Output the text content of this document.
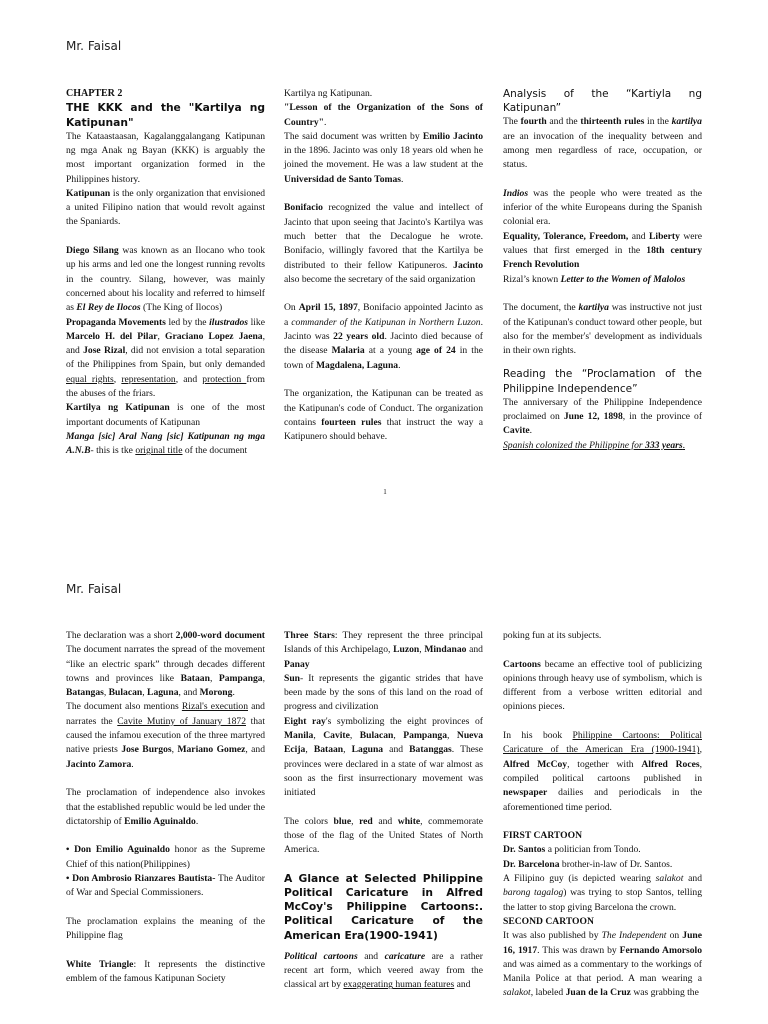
Mr. Faisal

CHAPTER 2

THE KKK and the "Kartilya ng Katipunan"

The Kataastaasan, Kagalanggalangang Katipunan ng mga Anak ng Bayan (KKK) is arguably the most important organization formed in the Philippines history.

Katipunan is the only organization that envisioned a united Filipino nation that would revolt against the Spaniards.

Diego Silang was known as an Ilocano who took up his arms and led one the longest running revolts in the country. Silang, however, was mainly concerned about his locality and referred to himself as El Rey de Ilocos (The King of Ilocos)

Propaganda Movements led by the ilustrados like Marcelo H. del Pilar, Graciano Lopez Jaena, and Jose Rizal, did not envision a total separation of the Philippines from Spain, but only demanded equal rights, representation, and protection from the abuses of the friars.

Kartilya ng Katipunan is one of the most important documents of Katipunan

Manga [sic] Aral Nang [sic] Katipunan ng mga A.N.B- this is tke original title of the document

Kartilya ng Katipunan.

"Lesson of the Organization of the Sons of Country".

The said document was written by Emilio Jacinto in the 1896. Jacinto was only 18 years old when he joined the movement. He was a law student at the Universidad de Santo Tomas.

Bonifacio recognized the value and intellect of Jacinto that upon seeing that Jacinto's Kartilya was much better that the Decalogue he wrote. Bonifacio, willingly favored that the Kartilya be distributed to their fellow Katipuneros. Jacinto also become the secretary of the said organization

On April 15, 1897, Bonifacio appointed Jacinto as a commander of the Katipunan in Northern Luzon. Jacinto was 22 years old. Jacinto died because of the disease Malaria at a young age of 24 in the town of Magdalena, Laguna.

The organization, the Katipunan can be treated as the Katipunan's code of Conduct. The organization contains fourteen rules that instruct the way a Katipunero should behave.

Analysis of the “Kartiyla ng Katipunan”

The fourth and the thirteenth rules in the kartilya are an invocation of the inequality between and among men regardless of race, occupation, or status.

Indios was the people who were treated as the inferior of the white Europeans during the Spanish colonial era.

Equality, Tolerance, Freedom, and Liberty were values that first emerged in the 18th century French Revolution

Rizal’s known Letter to the Women of Malolos

The document, the kartilya was instructive not just of the Katipunan's conduct toward other people, but also for the member's' development as individuals in their own rights.

Reading the “Proclamation of the Philippine Independence”

The anniversary of the Philippine Independence proclaimed on June 12, 1898, in the province of Cavite.

Spanish colonized the Philippine for 333 years.

1
Mr. Faisal

The declaration was a short 2,000-word document The document narrates the spread of the movement “like an electric spark” through decades different towns and provinces like Bataan, Pampanga, Batangas, Bulacan, Laguna, and Morong.

The document also mentions Rizal's execution and narrates the Cavite Mutiny of January 1872 that caused the infamou execution of the three martyred native priests Jose Burgos, Mariano Gomez, and Jacinto Zamora.

The proclamation of independence also invokes that the established republic would be led under the dictatorship of Emilio Aguinaldo.

• Don Emilio Aguinaldo honor as the Supreme Chief of this nation(Philippines)

• Don Ambrosio Rianzares Bautista- The Auditor of War and Special Commissioners.

The proclamation explains the meaning of the Philippine flag

White Triangle: It represents the distinctive emblem of the famous Katipunan Society

Three Stars: They represent the three principal Islands of this Archipelago, Luzon, Mindanao and Panay

Sun- It represents the gigantic strides that have been made by the sons of this land on the road of progress and civilization

Eight ray's symbolizing the eight provinces of Manila, Cavite, Bulacan, Pampanga, Nueva Ecija, Bataan, Laguna and Batanggas. These provinces were declared in a state of war almost as soon as the first insurrectionary movement was initiated

The colors blue, red and white, commemorate those of the flag of the United States of North America.

A Glance at Selected Philippine Political Caricature in Alfred McCoy's Philippine Cartoons:. Political Caricature of the American Era(1900-1941)

Political cartoons and caricature are a rather recent art form, which veered away from the classical art by exaggerating human features and

poking fun at its subjects.

Cartoons became an effective tool of publicizing opinions through heavy use of symbolism, which is different from a verbose written editorial and opinions pieces.

In his book Philippine Cartoons: Political Caricature of the American Era (1900-1941), Alfred McCoy, together with Alfred Roces, compiled political cartoons published in newspaper dailies and periodicals in the aforementioned time period.

FIRST CARTOON

Dr. Santos a politician from Tondo.

Dr. Barcelona brother-in-law of Dr. Santos.

A Filipino guy (is depicted wearing salakot and barong tagalog) was trying to stop Santos, telling the latter to stop giving Barcelona the crown.

SECOND CARTOON

It was also published by The Independent on June 16, 1917. This was drawn by Fernando Amorsolo and was aimed as a commentary to the workings of Manila Police at that period. A man wearing a salakot, labeled Juan de la Cruz was grabbing the
